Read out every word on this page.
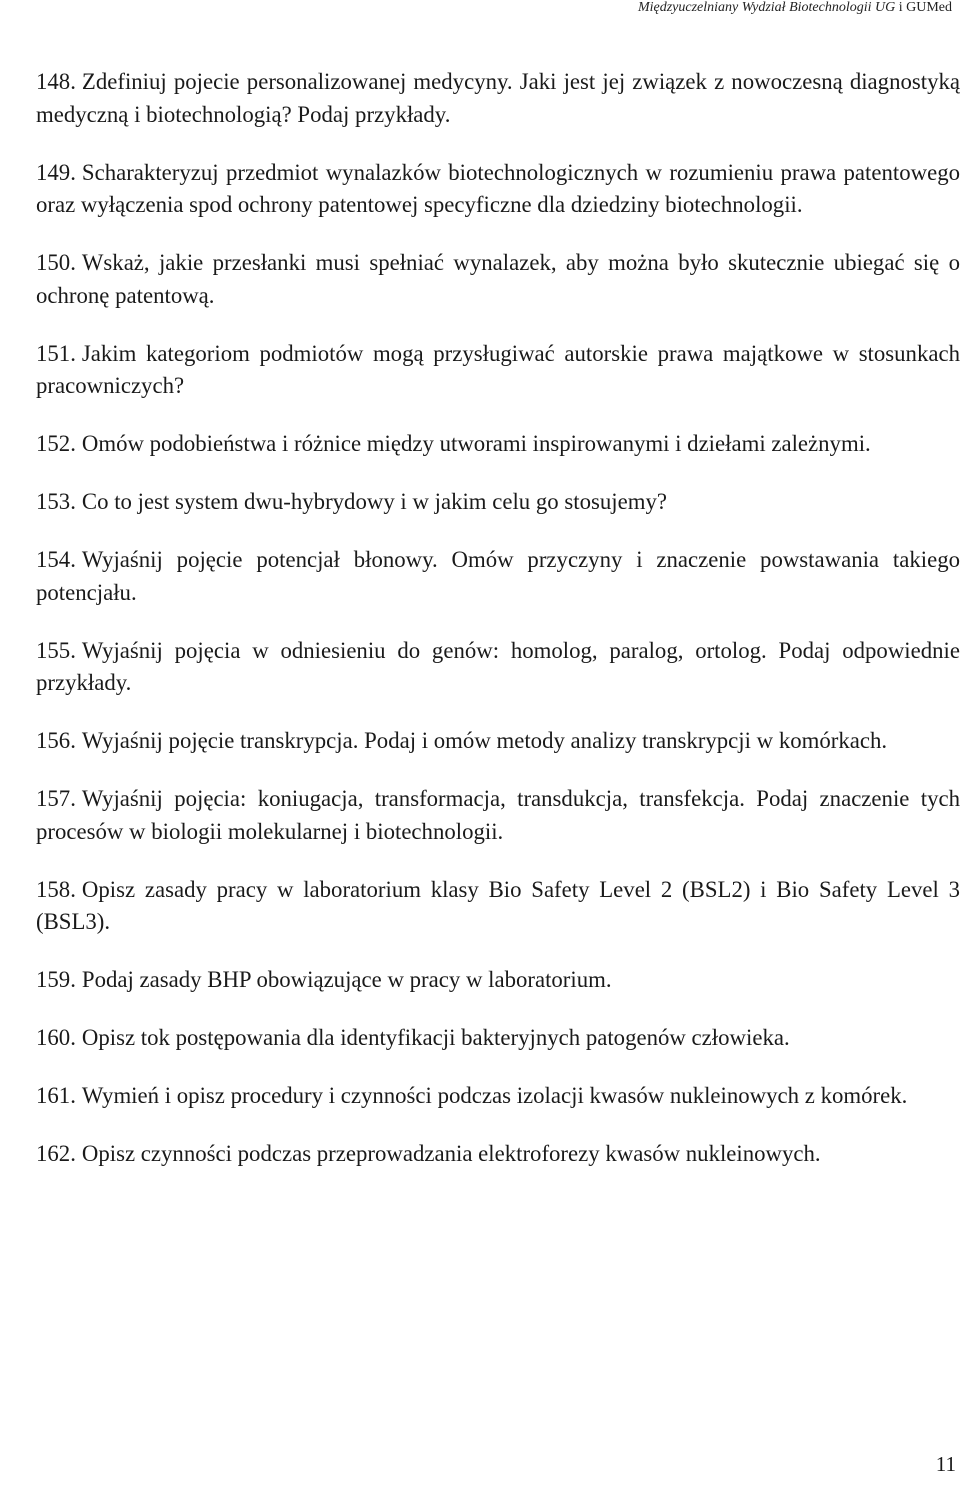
Międzyuczelniany Wydział Biotechnologii UG i GUMed
148. Zdefiniuj pojecie personalizowanej medycyny. Jaki jest jej związek z nowoczesną diagnostyką medyczną i biotechnologią? Podaj przykłady.
149. Scharakteryzuj przedmiot wynalazków biotechnologicznych w rozumieniu prawa patentowego oraz wyłączenia spod ochrony patentowej specyficzne dla dziedziny biotechnologii.
150. Wskaż, jakie przesłanki musi spełniać wynalazek, aby można było skutecznie ubiegać się o ochronę patentową.
151. Jakim kategoriom podmiotów mogą przysługiwać autorskie prawa majątkowe w stosunkach pracowniczych?
152. Omów podobieństwa i różnice między utworami inspirowanymi i dziełami zależnymi.
153. Co to jest system dwu-hybrydowy i w jakim celu go stosujemy?
154. Wyjaśnij pojęcie potencjał błonowy. Omów przyczyny i znaczenie powstawania takiego potencjału.
155. Wyjaśnij pojęcia w odniesieniu do genów: homolog, paralog, ortolog. Podaj odpowiednie przykłady.
156. Wyjaśnij pojęcie transkrypcja. Podaj i omów metody analizy transkrypcji w komórkach.
157. Wyjaśnij pojęcia: koniugacja, transformacja, transdukcja, transfekcja. Podaj znaczenie tych procesów w biologii molekularnej i biotechnologii.
158. Opisz zasady pracy w laboratorium klasy Bio Safety Level 2 (BSL2) i Bio Safety Level 3 (BSL3).
159. Podaj zasady BHP obowiązujące w pracy w laboratorium.
160. Opisz tok postępowania dla identyfikacji bakteryjnych patogenów człowieka.
161. Wymień i opisz procedury i czynności podczas izolacji kwasów nukleinowych z komórek.
162. Opisz czynności podczas przeprowadzania elektroforezy kwasów nukleinowych.
11
